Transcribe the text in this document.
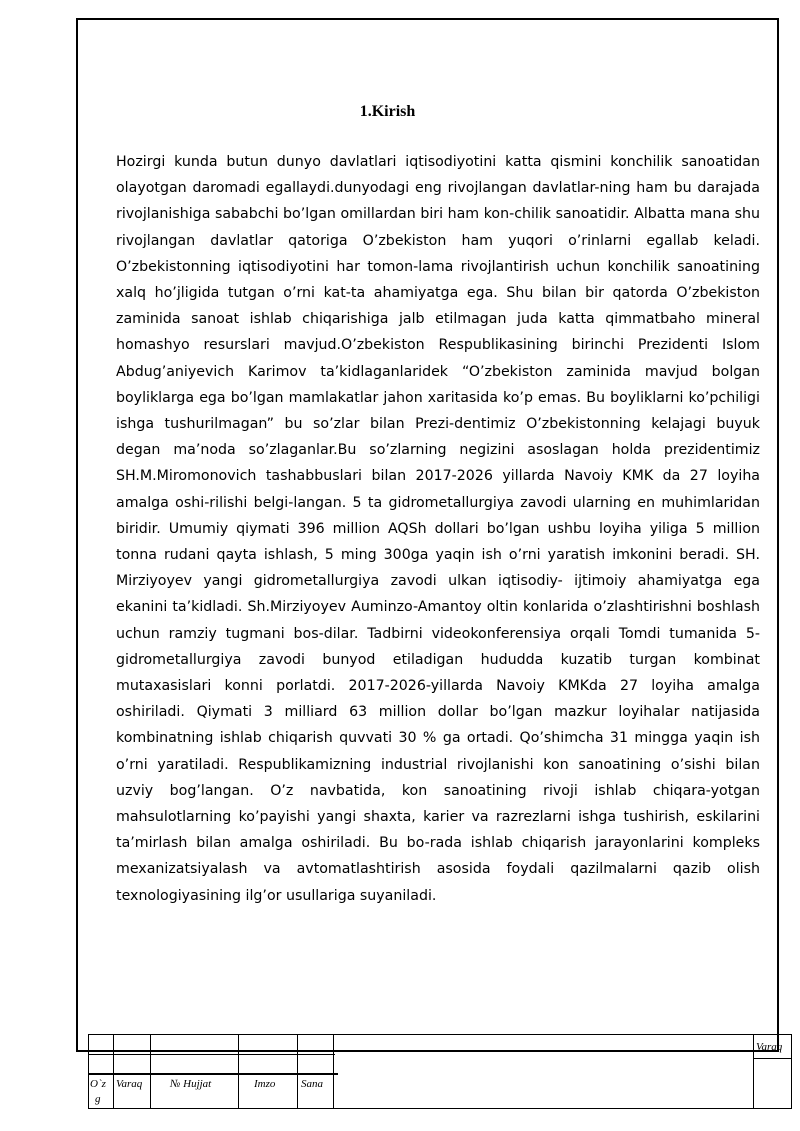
1.Kirish

Hozirgi kunda butun dunyo davlatlari iqtisodiyotini katta qismini konchilik sanoatidan olayotgan daromadi egallaydi.dunyodagi eng rivojlangan davlatlar-ning ham bu darajada rivojlanishiga sababchi bo’lgan omillardan biri ham kon-chilik sanoatidir. Albatta mana shu rivojlangan davlatlar qatoriga O’zbekiston ham yuqori o’rinlarni egallab keladi. O’zbekistonning iqtisodiyotini har tomon-lama rivojlantirish uchun konchilik sanoatining xalq ho’jligida tutgan o’rni kat-ta ahamiyatga ega. Shu bilan bir qatorda O’zbekiston zaminida sanoat ishlab chiqarishiga jalb etilmagan juda katta qimmatbaho mineral homashyo resurslari mavjud.O’zbekiston Respublikasining birinchi Prezidenti Islom Abdug’aniyevich Karimov ta’kidlaganlaridek “O’zbekiston zaminida mavjud bolgan boyliklarga ega bo’lgan mamlakatlar jahon xaritasida ko’p emas. Bu boyliklarni ko’pchiligi ishga tushurilmagan” bu so’zlar bilan Prezi-dentimiz O’zbekistonning kelajagi buyuk degan ma’noda so’zlaganlar.Bu so’zlarning negizini asoslagan holda prezidentimiz SH.M.Miromonovich tashabbuslari bilan 2017-2026 yillarda Navoiy KMK da 27 loyiha amalga oshi-rilishi belgi-langan. 5 ta gidrometallurgiya zavodi ularning en muhimlaridan biridir. Umumiy qiymati 396 million AQSh dollari bo’lgan ushbu loyiha yiliga 5 million tonna rudani qayta ishlash, 5 ming 300ga yaqin ish o’rni yaratish imkonini beradi. SH. Mirziyoyev yangi gidrometallurgiya zavodi ulkan iqtisodiy- ijtimoiy ahamiyatga ega ekanini ta’kidladi. Sh.Mirziyoyev Auminzo-Amantoy oltin konlarida o’zlashtirishni boshlash uchun ramziy tugmani bos-dilar. Tadbirni videokonferensiya orqali Tomdi tumanida 5-gidrometallurgiya zavodi bunyod etiladigan hududda kuzatib turgan kombinat mutaxasislari konni porlatdi. 2017-2026-yillarda Navoiy KMKda 27 loyiha amalga oshiriladi. Qiymati 3 milliard 63 million dollar bo’lgan mazkur loyihalar natijasida kombinatning ishlab chiqarish quvvati 30 % ga ortadi. Qo’shimcha 31 mingga yaqin ish o’rni yaratiladi. Respublikamizning industrial rivojlanishi kon sanoatining o’sishi bilan uzviy bog’langan. O’z navbatida, kon sanoatining rivoji ishlab chiqara-yotgan mahsulotlarning ko’payishi yangi shaxta, karier va razrezlarni ishga tushirish, eskilarini ta’mirlash bilan amalga oshiriladi. Bu bo-rada ishlab chiqarish jarayonlarini kompleks mexanizatsiyalash va avtomatlashtirish asosida foydali qazilmalarni qazib olish texnologiyasining ilg’or usullariga suyaniladi.

O`z
g
Varaq	№ Hujjat	Imzo Sana
Varaq
